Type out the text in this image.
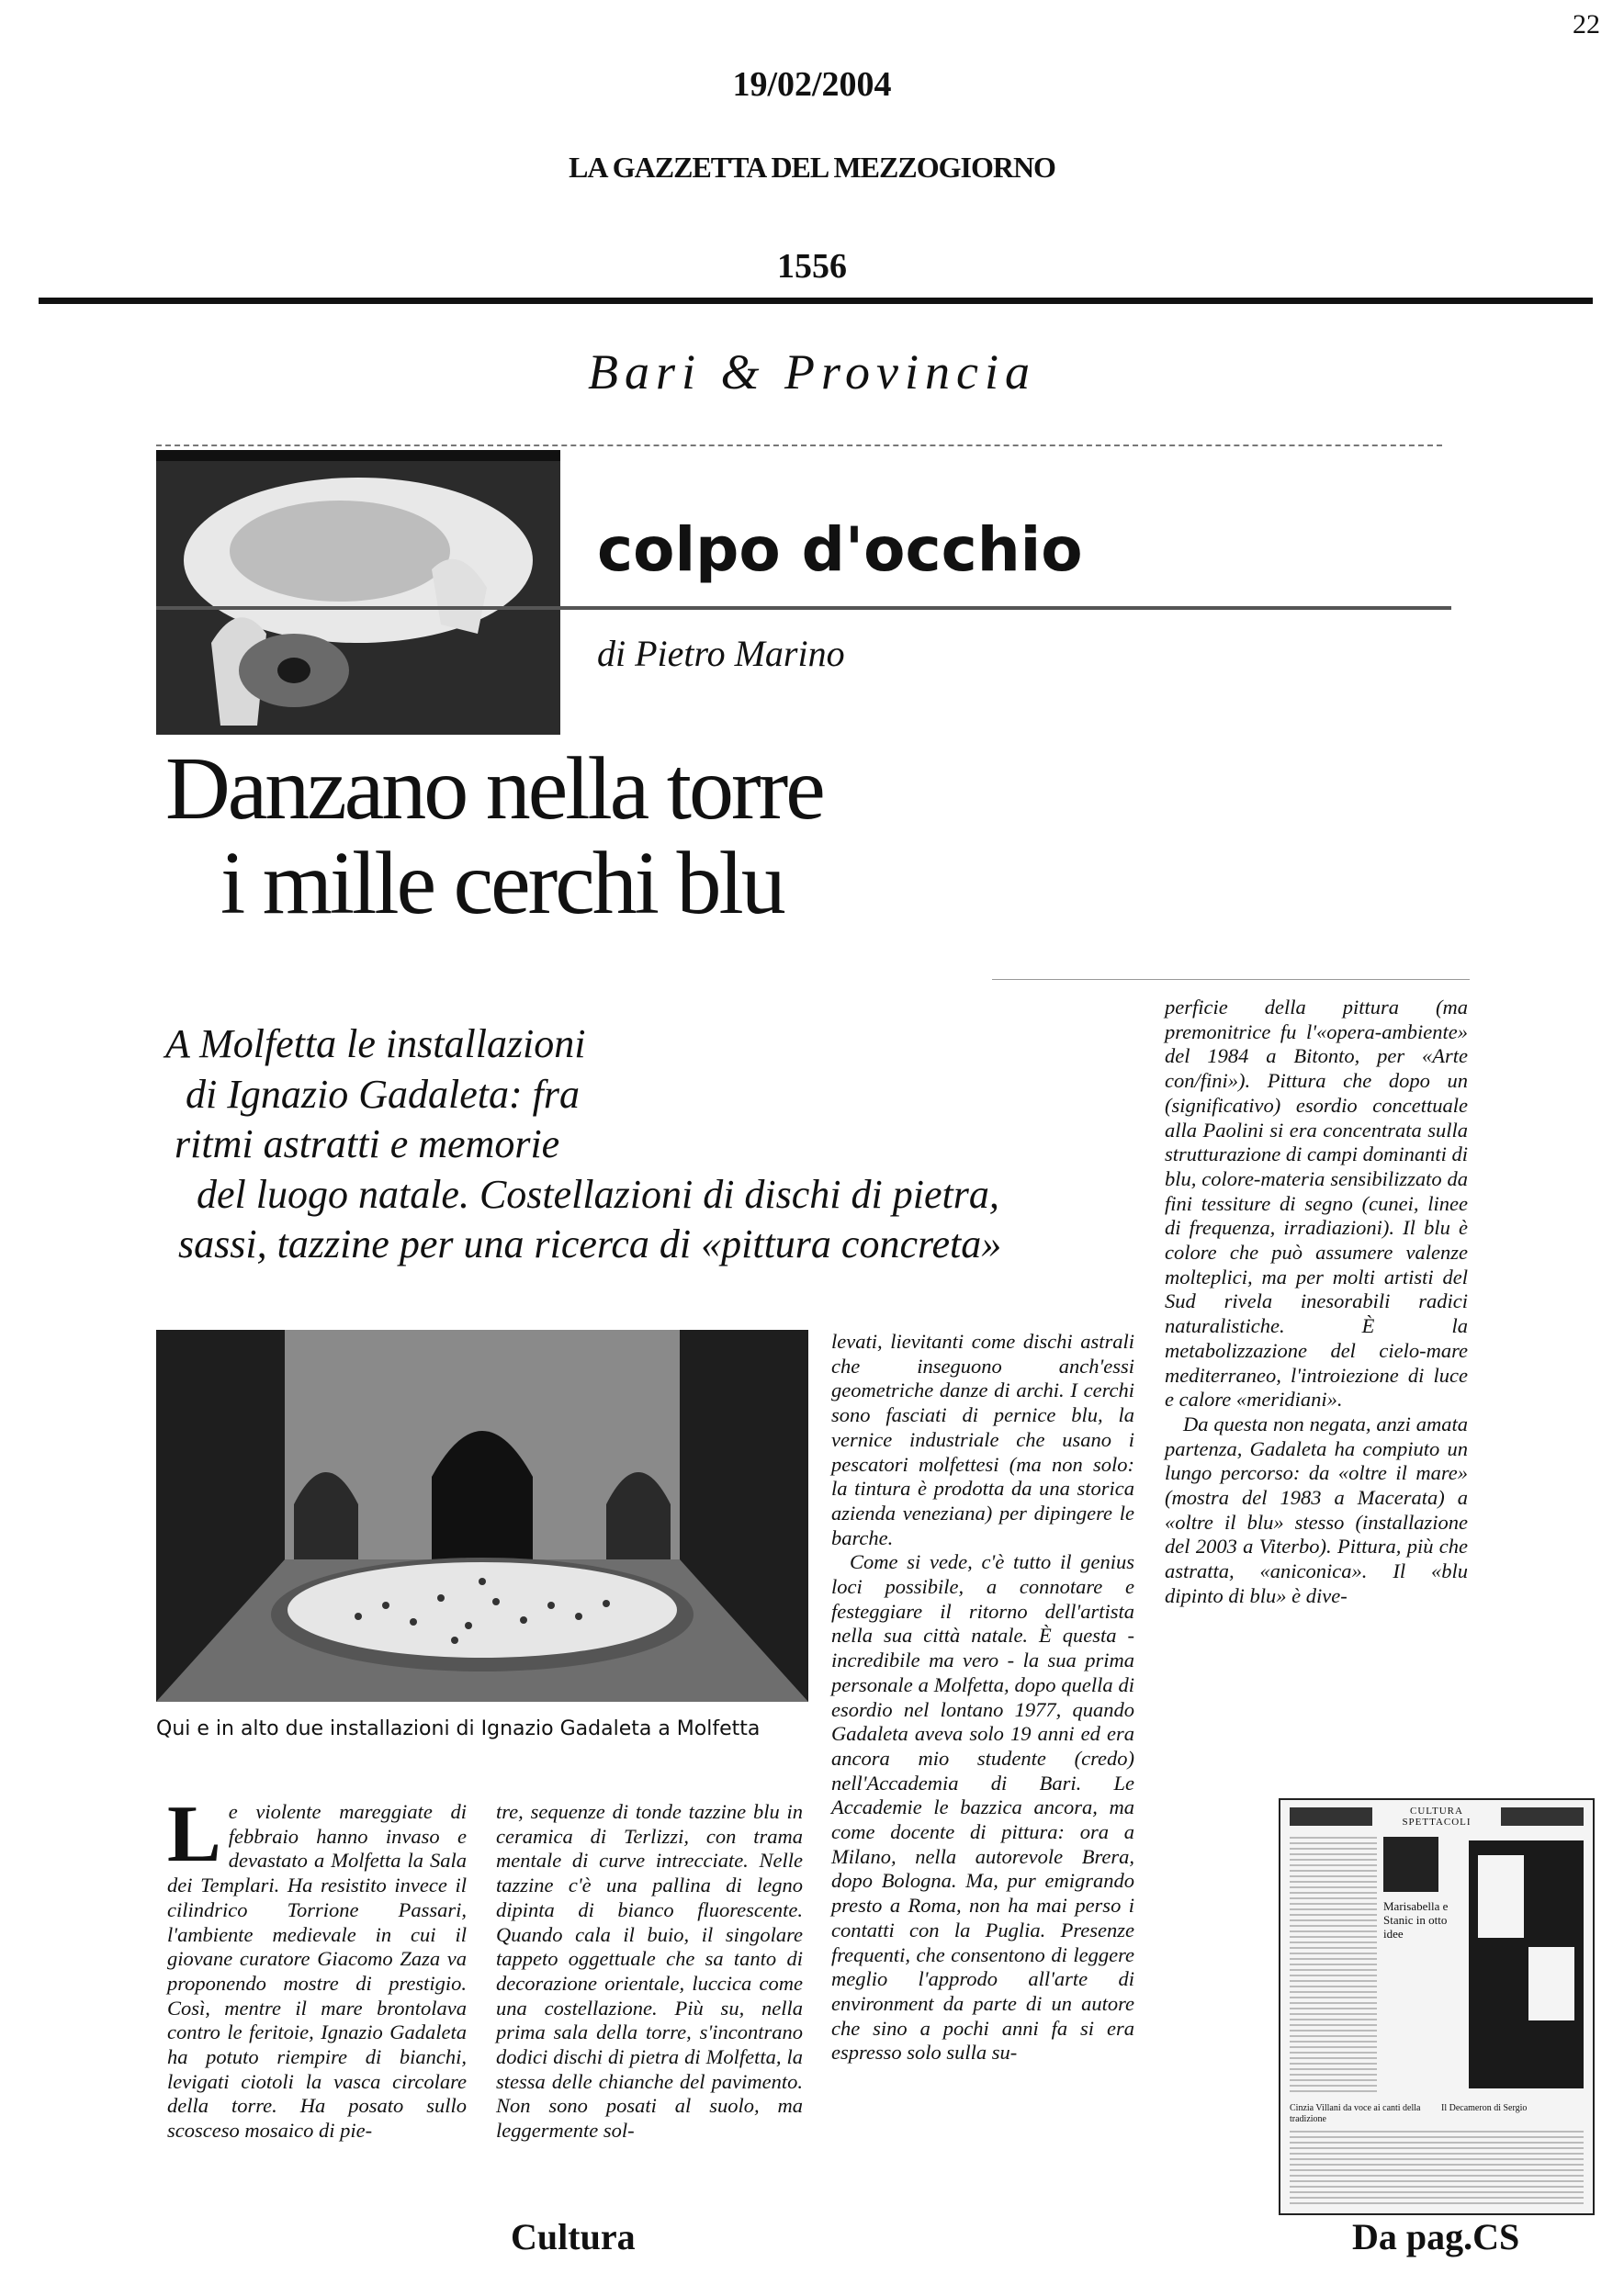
22
19/02/2004
LA GAZZETTA DEL MEZZOGIORNO
1556
Bari & Provincia
colpo d'occhio
di Pietro Marino
Danzano nella torre
i mille cerchi blu
A Molfetta le installazioni
di Ignazio Gadaleta: fra
ritmi astratti e memorie
del luogo natale. Costellazioni di dischi di pietra,
sassi, tazzine per una ricerca di «pittura concreta»
Qui e in alto due installazioni di Ignazio Gadaleta a Molfetta

Le violente mareggiate di febbraio hanno invaso e devastato a Molfetta la Sala dei Templari. Ha resistito invece il cilindrico Torrione Passari, l'ambiente medievale in cui il giovane curatore Giacomo Zaza va proponendo mostre di prestigio. Così, mentre il mare brontolava contro le feritoie, Ignazio Gadaleta ha potuto riempire di bianchi, levigati ciotoli la vasca circolare della torre. Ha posato sullo scosceso mosaico di pie-

tre, sequenze di tonde tazzine blu in ceramica di Terlizzi, con trama mentale di curve intrecciate. Nelle tazzine c'è una pallina di legno dipinta di bianco fluorescente. Quando cala il buio, il singolare tappeto oggettuale che sa tanto di decorazione orientale, luccica come una costellazione. Più su, nella prima sala della torre, s'incontrano dodici dischi di pietra di Molfetta, la stessa delle chianche del pavimento. Non sono posati al suolo, ma leggermente sol-

levati, lievitanti come dischi astrali che inseguono anch'essi geometriche danze di archi. I cerchi sono fasciati di pernice blu, la vernice industriale che usano i pescatori molfettesi (ma non solo: la tintura è prodotta da una storica azienda veneziana) per dipingere le barche.

Come si vede, c'è tutto il genius loci possibile, a connotare e festeggiare il ritorno dell'artista nella sua città natale. È questa - incredibile ma vero - la sua prima personale a Molfetta, dopo quella di esordio nel lontano 1977, quando Gadaleta aveva solo 19 anni ed era ancora mio studente (credo) nell'Accademia di Bari. Le Accademie le bazzica ancora, ma come docente di pittura: ora a Milano, nella autorevole Brera, dopo Bologna. Ma, pur emigrando presto a Roma, non ha mai perso i contatti con la Puglia. Presenze frequenti, che consentono di leggere meglio l'approdo all'arte di environment da parte di un autore che sino a pochi anni fa si era espresso solo sulla su-

perficie della pittura (ma premonitrice fu l'«opera-ambiente» del 1984 a Bitonto, per «Arte con/fini»). Pittura che dopo un (significativo) esordio concettuale alla Paolini si era concentrata sulla strutturazione di campi dominanti di blu, colore-materia sensibilizzato da fini tessiture di segno (cunei, linee di frequenza, irradiazioni). Il blu è colore che può assumere valenze molteplici, ma per molti artisti del Sud rivela inesorabili radici naturalistiche. È la metabolizzazione del cielo-mare mediterraneo, l'introiezione di luce e calore «meridiani».

Da questa non negata, anzi amata partenza, Gadaleta ha compiuto un lungo percorso: da «oltre il mare» (mostra del 1983 a Macerata) a «oltre il blu» stesso (installazione del 2003 a Viterbo). Pittura, più che astratta, «aniconica». Il «blu dipinto di blu» è dive-

CULTURA SPETTACOLI
Marisabella e Stanic in otto idee
Cinzia Villani da voce ai canti della tradizione
Il Decameron di Sergio
Cultura	Da pag.CS
